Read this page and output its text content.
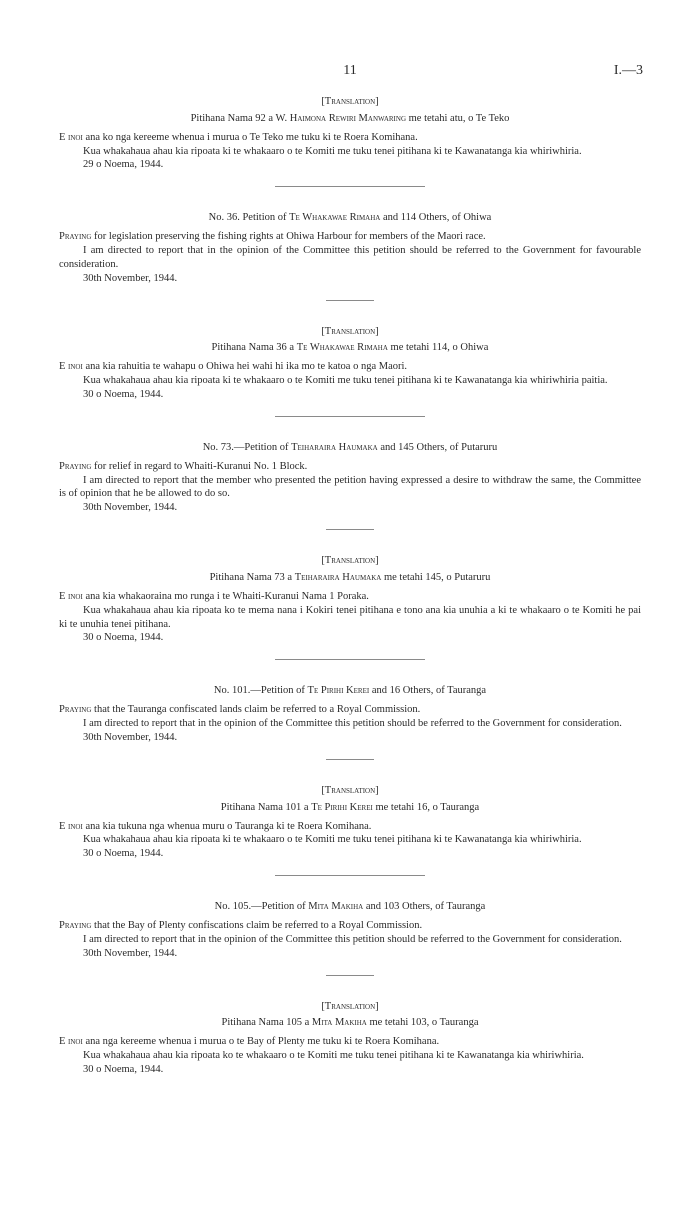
11	I.—3

[Translation]

Pitihana Nama 92 a W. Haimona Rewiri Manwaring me tetahi atu, o Te Teko

E inoi ana ko nga kereeme whenua i murua o Te Teko me tuku ki te Roera Komihana.

Kua whakahaua ahau kia ripoata ki te whakaaro o te Komiti me tuku tenei pitihana ki te Kawanatanga kia whiriwhiria.

29 o Noema, 1944.

No. 36. Petition of Te Whakawae Rimaha and 114 Others, of Ohiwa

Praying for legislation preserving the fishing rights at Ohiwa Harbour for members of the Maori race.

I am directed to report that in the opinion of the Committee this petition should be referred to the Government for favourable consideration.

30th November, 1944.

[Translation]

Pitihana Nama 36 a Te Whakawae Rimaha me tetahi 114, o Ohiwa

E inoi ana kia rahuitia te wahapu o Ohiwa hei wahi hi ika mo te katoa o nga Maori.

Kua whakahaua ahau kia ripoata ki te whakaaro o te Komiti me tuku tenei pitihana ki te Kawanatanga kia whiriwhiria paitia.

30 o Noema, 1944.

No. 73.—Petition of Teiharaira Haumaka and 145 Others, of Putaruru

Praying for relief in regard to Whaiti-Kuranui No. 1 Block.

I am directed to report that the member who presented the petition having expressed a desire to withdraw the same, the Committee is of opinion that he be allowed to do so.

30th November, 1944.

[Translation]

Pitihana Nama 73 a Teiharaira Haumaka me tetahi 145, o Putaruru

E inoi ana kia whakaoraina mo runga i te Whaiti-Kuranui Nama 1 Poraka.

Kua whakahaua ahau kia ripoata ko te mema nana i Kokiri tenei pitihana e tono ana kia unuhia a ki te whakaaro o te Komiti he pai ki te unuhia tenei pitihana.

30 o Noema, 1944.

No. 101.—Petition of Te Pirihi Kerei and 16 Others, of Tauranga

Praying that the Tauranga confiscated lands claim be referred to a Royal Commission.

I am directed to report that in the opinion of the Committee this petition should be referred to the Government for consideration.

30th November, 1944.

[Translation]

Pitihana Nama 101 a Te Pirihi Kerei me tetahi 16, o Tauranga

E inoi ana kia tukuna nga whenua muru o Tauranga ki te Roera Komihana.

Kua whakahaua ahau kia ripoata ki te whakaaro o te Komiti me tuku tenei pitihana ki te Kawanatanga kia whiriwhiria.

30 o Noema, 1944.

No. 105.—Petition of Mita Makiha and 103 Others, of Tauranga

Praying that the Bay of Plenty confiscations claim be referred to a Royal Commission.

I am directed to report that in the opinion of the Committee this petition should be referred to the Government for consideration.

30th November, 1944.

[Translation]

Pitihana Nama 105 a Mita Makiha me tetahi 103, o Tauranga

E inoi ana nga kereeme whenua i murua o te Bay of Plenty me tuku ki te Roera Komihana.

Kua whakahaua ahau kia ripoata ko te whakaaro o te Komiti me tuku tenei pitihana ki te Kawanatanga kia whiriwhiria.

30 o Noema, 1944.
